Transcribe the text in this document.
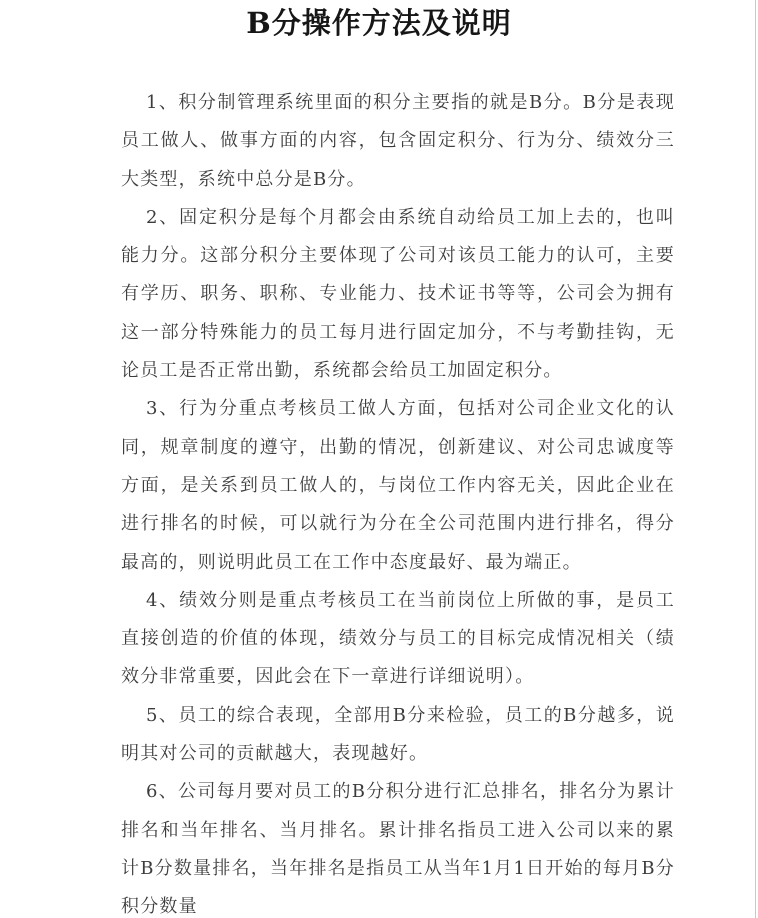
B分操作方法及说明

1、积分制管理系统里面的积分主要指的就是B分。B分是表现员工做人、做事方面的内容，包含固定积分、行为分、绩效分三大类型，系统中总分是B分。

2、固定积分是每个月都会由系统自动给员工加上去的，也叫能力分。这部分积分主要体现了公司对该员工能力的认可，主要有学历、职务、职称、专业能力、技术证书等等，公司会为拥有这一部分特殊能力的员工每月进行固定加分，不与考勤挂钩，无论员工是否正常出勤，系统都会给员工加固定积分。

3、行为分重点考核员工做人方面，包括对公司企业文化的认同，规章制度的遵守，出勤的情况，创新建议、对公司忠诚度等方面，是关系到员工做人的，与岗位工作内容无关，因此企业在进行排名的时候，可以就行为分在全公司范围内进行排名，得分最高的，则说明此员工在工作中态度最好、最为端正。

4、绩效分则是重点考核员工在当前岗位上所做的事，是员工直接创造的价值的体现，绩效分与员工的目标完成情况相关（绩效分非常重要，因此会在下一章进行详细说明）。

5、员工的综合表现，全部用B分来检验，员工的B分越多，说明其对公司的贡献越大，表现越好。

6、公司每月要对员工的B分积分进行汇总排名，排名分为累计排名和当年排名、当月排名。累计排名指员工进入公司以来的累计B分数量排名，当年排名是指员工从当年1月1日开始的每月B分积分数量
